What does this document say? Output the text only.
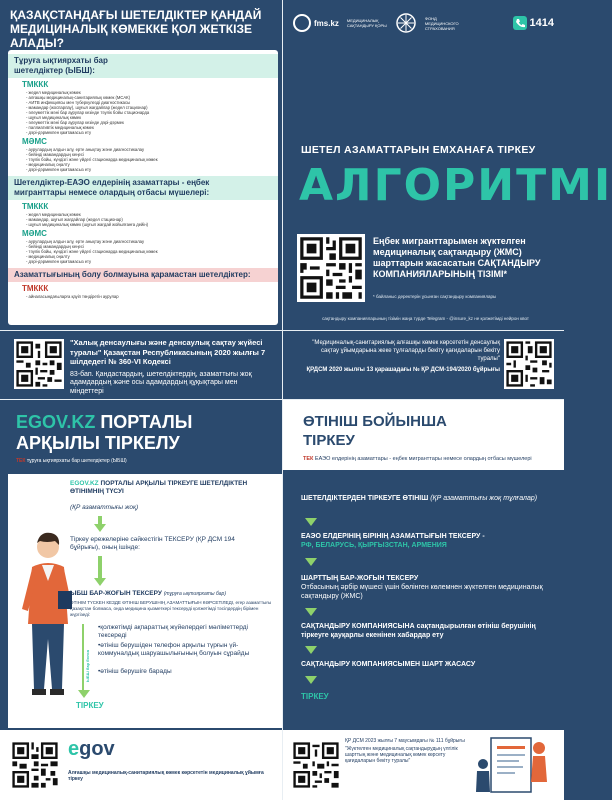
ҚАЗАҚСТАНДАҒЫ ШЕТЕЛДІКТЕР ҚАНДАЙ
МЕДИЦИНАЛЫҚ КӨМЕККЕ ҚОЛ ЖЕТКІЗЕ АЛАДЫ?
Тұруға ықтиярхаты бар
шетелдіктер (ЫБШ):
ТМККК
- жедел медициналық көмек
- алғашқы медициналық-санитариялық көмек (МСАК)
- АИТВ инфекциясы мен туберкулезді диагностикасы
- мамандар (жоспарлау), шұғыл жағдайлар (жедел стационар)
- әлеуметтік мәні бар аурулар кезінде тәулік бойы стационарда
- шұғыл медициналық көмек
- әлеуметтік мәні бар аурулар кезінде дәрі-дәрмек
- паллиативтік медициналық көмек
- дәрі-дәрмекпен қамтамасыз ету
МӘМС
- аурулардың алдын алу, ерте анықтау және диагностикалау
- бейінді мамандардың кеңесі
- тәулік бойы, күндізгі және үйдегі стационарда медициналық көмек
- медициналық оңалту
- дәрі-дәрмекпен қамтамасыз ету
Шетелдіктер-ЕАЭО елдерінің азаматтары - еңбек
мигранттары немесе олардың отбасы мүшелері:
ТМККК
- жедел медициналық көмек
- мамандар, шұғыл жағдайлар (жедел стационар)
- шұғыл медициналық көмек (шұғыл жағдай жойылғанға дейін)
МӘМС
- аурулардың алдын алу, ерте анықтау және диагностикалау
- бейінді мамандардың кеңесі
- тәулік бойы, күндізгі және үйдегі стационарда медициналық көмек
- медициналық оңалту
- дәрі-дәрмекпен қамтамасыз ету
Азаматтығының болу болмауына қарамастан шетелдіктер:
ТМККК
- айналасындағыларға қауіп төндіретін аурулар
fms.kz МЕДИЦИНАЛЫҚ САҚТАНДЫРУ ҚОРЫ
ФОНД МЕДИЦИНСКОГО СТРАХОВАНИЯ	1414
ШЕТЕЛ АЗАМАТТАРЫН ЕМХАНАҒА ТІРКЕУ
АЛГОРИТМІ
Еңбек мигранттарымен жүктелген медициналық сақтандыру (ЖМС) шарттарын жасасатын САҚТАНДЫРУ КОМПАНИЯЛАРЫНЫҢ ТІЗІМІ*
* байланыс деректерін ұсынған сақтандыру компаниялары
сақтандыру компанияларының тізімін жаңа түрде Telegram - @insure_kz не қолжетімді нейрон квот
"Халық денсаулығы және денсаулық сақтау жүйесі туралы" Қазақстан Республикасының 2020 жылғы 7 шілдедегі № 360-VI Кодексі
83-бап. Қандастардың, шетелдіктердің, азаматтығы жоқ адамдардың және осы адамдардың құқықтары мен міндеттері
"Медициналық-санитариялық алғашқы көмек көрсететін денсаулық сақтау ұйымдарына жеке тұлғаларды бекіту қағидаларын бекіту туралы"
ҚРДСМ 2020 жылғы 13 қарашадағы № ҚР ДСМ-194/2020 бұйрығы
EGOV.KZ ПОРТАЛЫ
АРҚЫЛЫ ТІРКЕЛУ
ТЕК тұруға ықтиярхаты бар шетелдіктер (ЫБШ)
EGOV.KZ ПОРТАЛЫ АРҚЫЛЫ ТІРКЕУГЕ ШЕТЕЛДІКТЕН ӨТІНІМНІҢ ТҮСУІ
(ҚР азаматтығы жоқ)
Тіркеу ережелеріне сәйкестігін ТЕКСЕРУ (ҚР ДСМ 194 бұйрығы), оның ішінде:
ЫБШ БАР-ЖОҒЫН ТЕКСЕРУ (тұруға ықтиярхаты бар)
ӨТІНІМ ТҮСКЕН КЕЗДЕ ӨТІНІШ БЕРУШІНІҢ АЗАМАТТЫҒЫН КӨРСЕТІЛЕДІ, егер азаматтығы Қазақстан болмаса, онда медицина қызметкері тексеруді қолжетімді тәсілдердің бірімен жүргізеді:
ЫБШ бар болса
•қолжетімді ақпараттық жүйелердегі мәліметтерді тексереді
•өтініш берушіден телефон арқылы түрғын үй-коммуналдық шаруашылығының болуын сұрайды
•өтініш берушіге барады
ТІРКЕУ
egov
Алғашқы медициналық-санитариялық көмек көрсететін медициналық ұйымға тіркеу
ӨТІНІШ БОЙЫНША
ТІРКЕУ
ТЕК ЕАЭО елдерінің азаматтары - еңбек мигранттары немесе олардың отбасы мүшелері
ШЕТЕЛДІКТЕРДЕН ТІРКЕУГЕ ӨТІНІШ (ҚР азаматтығы жоқ тұлғалар)
ЕАЭО ЕЛДЕРІНІҢ БІРІНІҢ АЗАМАТТЫҒЫН ТЕКСЕРУ -
РФ, БЕЛАРУСЬ, ҚЫРҒЫЗСТАН, АРМЕНИЯ
ШАРТТЫҢ БАР-ЖОҒЫН ТЕКСЕРУ
Отбасының әрбір мүшесі үшін бөлінген көлемнен жүктелген медициналық сақтандыру (ЖМС)
САҚТАНДЫРУ КОМПАНИЯСЫНА сақтандырылған өтініш берушінің тіркеуге қауқарлы екенінен хабардар ету
САҚТАНДЫРУ КОМПАНИЯСЫМЕН ШАРТ ЖАСАСУ
ТІРКЕУ
ҚР ДСМ 2023 жылғы 7 маусымдағы № 111 бұйрығы
"Жүктелген медициналық сақтандырудың үлгілік шарттың және медициналық көмек көрсету қағидаларын бекіту туралы"
